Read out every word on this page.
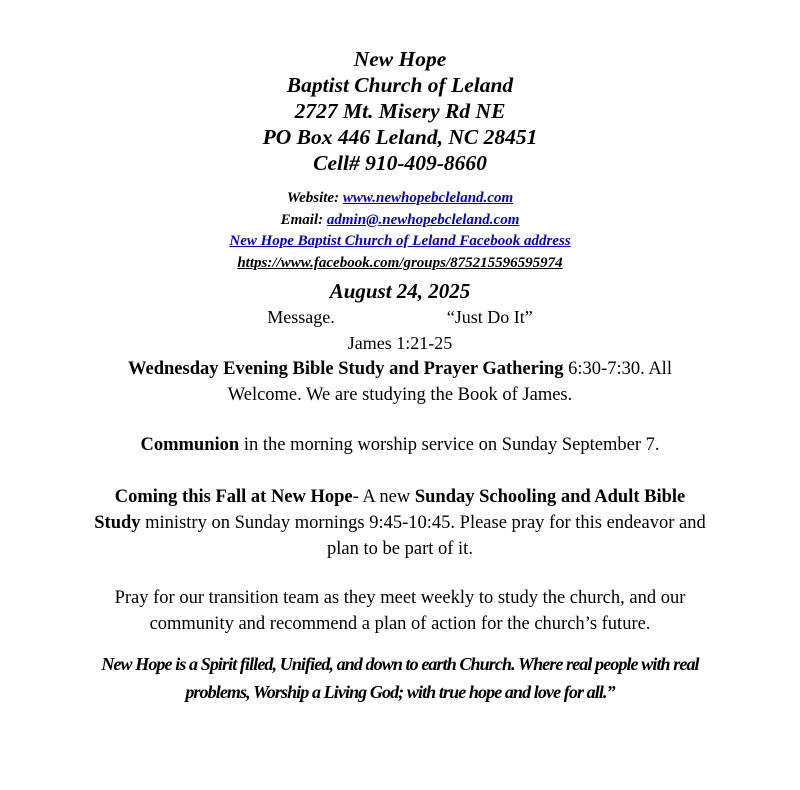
New Hope

Baptist Church of Leland

2727 Mt. Misery Rd NE

PO Box 446 Leland, NC 28451

Cell# 910-409-8660

Website: www.newhopebcleland.com

Email: admin@.newhopebcleland.com

New Hope Baptist Church of Leland Facebook address

https://www.facebook.com/groups/875215596595974

August 24, 2025

Message.	“Just Do It”

James 1:21-25

Wednesday Evening Bible Study and Prayer Gathering 6:30-7:30. All

Welcome. We are studying the Book of James.

Communion in the morning worship service on Sunday September 7.

Coming this Fall at New Hope- A new Sunday Schooling and Adult Bible

Study ministry on Sunday mornings 9:45-10:45. Please pray for this endeavor and

plan to be part of it.

Pray for our transition team as they meet weekly to study the church, and our

community and recommend a plan of action for the church’s future.

New Hope is a Spirit filled, Unified, and down to earth Church. Where real people with real

problems, Worship a Living God; with true hope and love for all.”
